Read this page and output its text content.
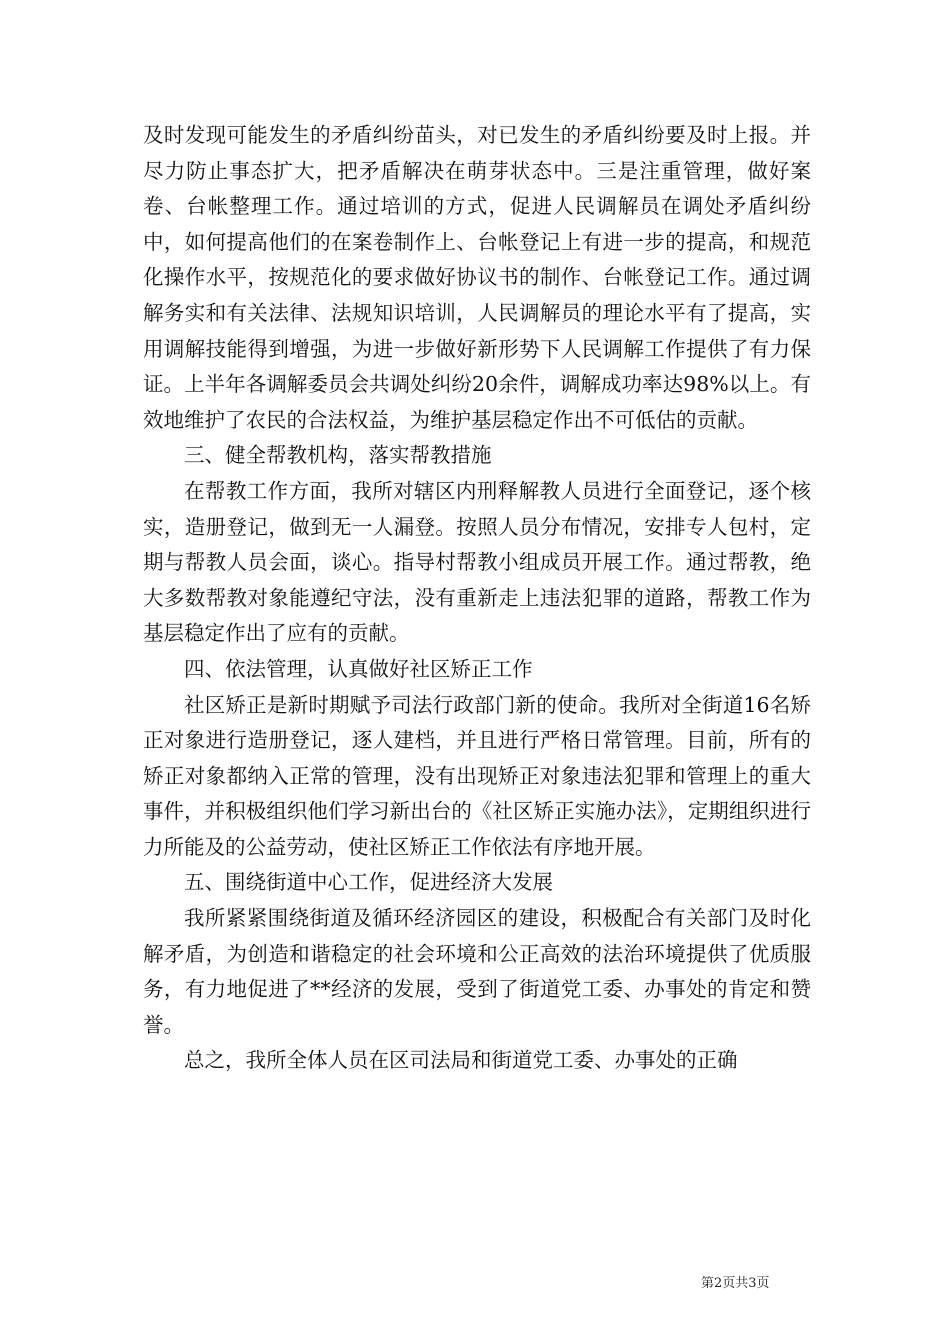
及时发现可能发生的矛盾纠纷苗头，对已发生的矛盾纠纷要及时上报。并尽力防止事态扩大，把矛盾解决在萌芽状态中。三是注重管理，做好案卷、台帐整理工作。通过培训的方式，促进人民调解员在调处矛盾纠纷中，如何提高他们的在案卷制作上、台帐登记上有进一步的提高，和规范化操作水平，按规范化的要求做好协议书的制作、台帐登记工作。通过调解务实和有关法律、法规知识培训，人民调解员的理论水平有了提高，实用调解技能得到增强，为进一步做好新形势下人民调解工作提供了有力保证。上半年各调解委员会共调处纠纷20余件，调解成功率达98%以上。有效地维护了农民的合法权益，为维护基层稳定作出不可低估的贡献。

三、健全帮教机构，落实帮教措施

在帮教工作方面，我所对辖区内刑释解教人员进行全面登记，逐个核实，造册登记，做到无一人漏登。按照人员分布情况，安排专人包村，定期与帮教人员会面，谈心。指导村帮教小组成员开展工作。通过帮教，绝大多数帮教对象能遵纪守法，没有重新走上违法犯罪的道路，帮教工作为基层稳定作出了应有的贡献。

四、依法管理，认真做好社区矫正工作

社区矫正是新时期赋予司法行政部门新的使命。我所对全街道16名矫正对象进行造册登记，逐人建档，并且进行严格日常管理。目前，所有的矫正对象都纳入正常的管理，没有出现矫正对象违法犯罪和管理上的重大事件，并积极组织他们学习新出台的《社区矫正实施办法》，定期组织进行力所能及的公益劳动，使社区矫正工作依法有序地开展。

五、围绕街道中心工作，促进经济大发展

我所紧紧围绕街道及循环经济园区的建设，积极配合有关部门及时化解矛盾，为创造和谐稳定的社会环境和公正高效的法治环境提供了优质服务，有力地促进了**经济的发展，受到了街道党工委、办事处的肯定和赞誉。

总之，我所全体人员在区司法局和街道党工委、办事处的正确

第2页共3页
